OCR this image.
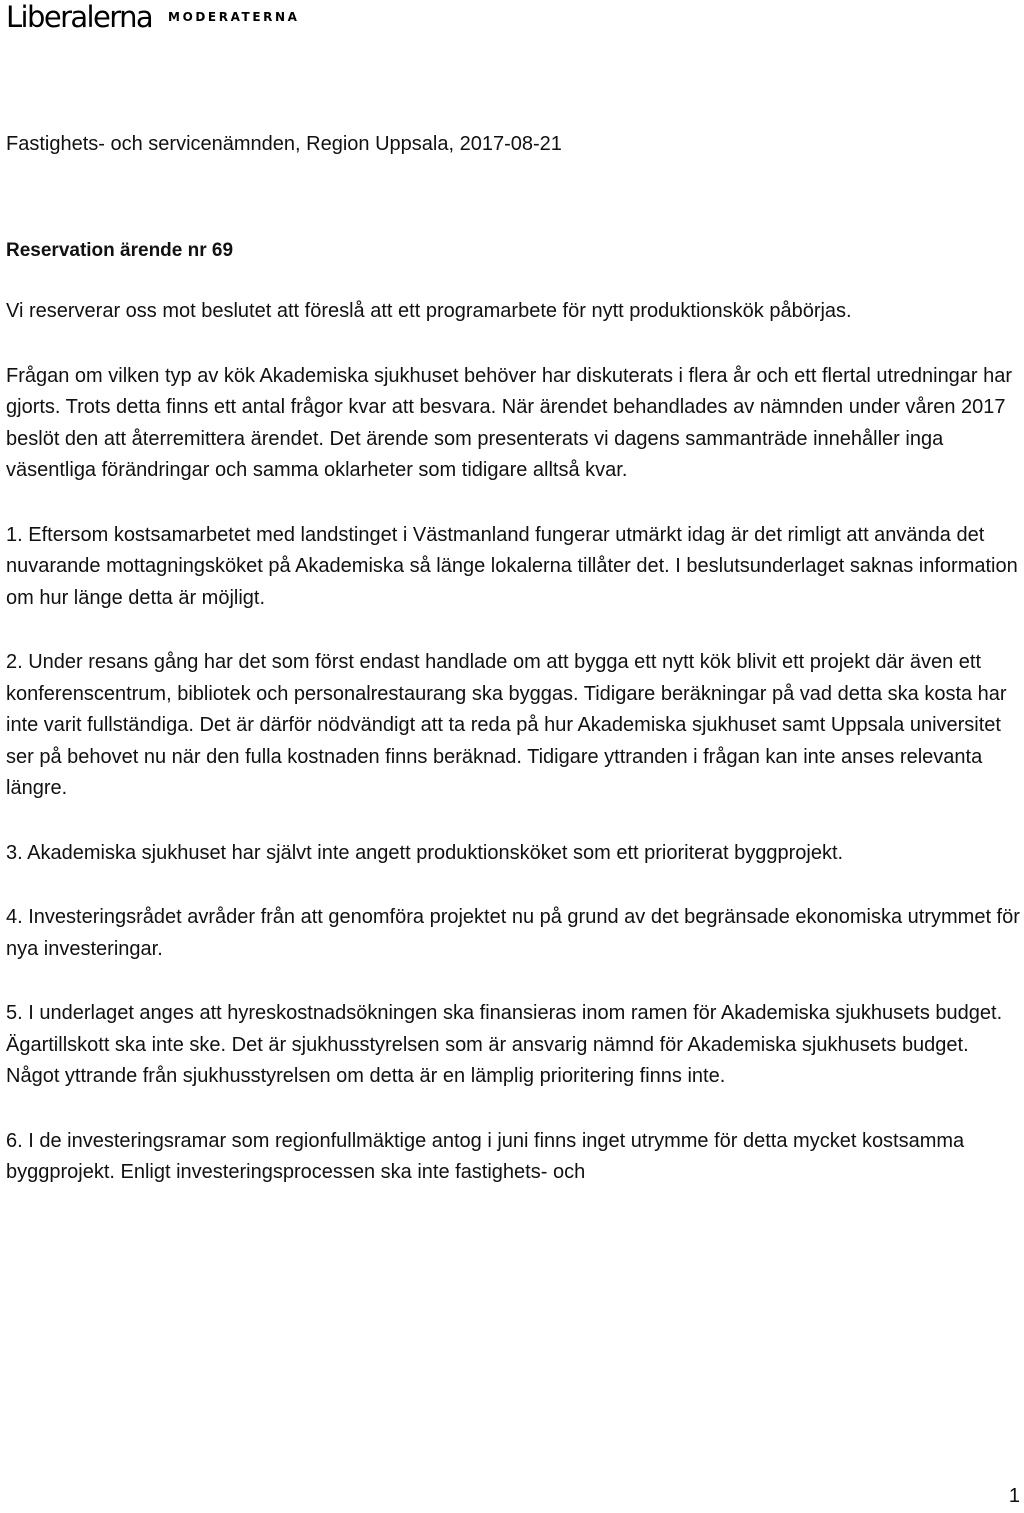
Liberalerna $^{MODERATERNA}$
Fastighets- och servicenämnden, Region Uppsala, 2017-08-21
Reservation ärende nr 69

Vi reserverar oss mot beslutet att föreslå att ett programarbete för nytt produktionskök påbörjas.

Frågan om vilken typ av kök Akademiska sjukhuset behöver har diskuterats i flera år och ett flertal utredningar har gjorts. Trots detta finns ett antal frågor kvar att besvara. När ärendet behandlades av nämnden under våren 2017 beslöt den att återremittera ärendet. Det ärende som presenterats vi dagens sammanträde innehåller inga väsentliga förändringar och samma oklarheter som tidigare alltså kvar.

1. Eftersom kostsamarbetet med landstinget i Västmanland fungerar utmärkt idag är det rimligt att använda det nuvarande mottagningsköket på Akademiska så länge lokalerna tillåter det. I beslutsunderlaget saknas information om hur länge detta är möjligt.

2. Under resans gång har det som först endast handlade om att bygga ett nytt kök blivit ett projekt där även ett konferenscentrum, bibliotek och personalrestaurang ska byggas. Tidigare beräkningar på vad detta ska kosta har inte varit fullständiga. Det är därför nödvändigt att ta reda på hur Akademiska sjukhuset samt Uppsala universitet ser på behovet nu när den fulla kostnaden finns beräknad. Tidigare yttranden i frågan kan inte anses relevanta längre.

3. Akademiska sjukhuset har självt inte angett produktionsköket som ett prioriterat byggprojekt.

4. Investeringsrådet avråder från att genomföra projektet nu på grund av det begränsade ekonomiska utrymmet för nya investeringar.

5. I underlaget anges att hyreskostnadsökningen ska finansieras inom ramen för Akademiska sjukhusets budget. Ägartillskott ska inte ske. Det är sjukhusstyrelsen som är ansvarig nämnd för Akademiska sjukhusets budget. Något yttrande från sjukhusstyrelsen om detta är en lämplig prioritering finns inte.

6. I de investeringsramar som regionfullmäktige antog i juni finns inget utrymme för detta mycket kostsamma byggprojekt. Enligt investeringsprocessen ska inte fastighets- och

1
